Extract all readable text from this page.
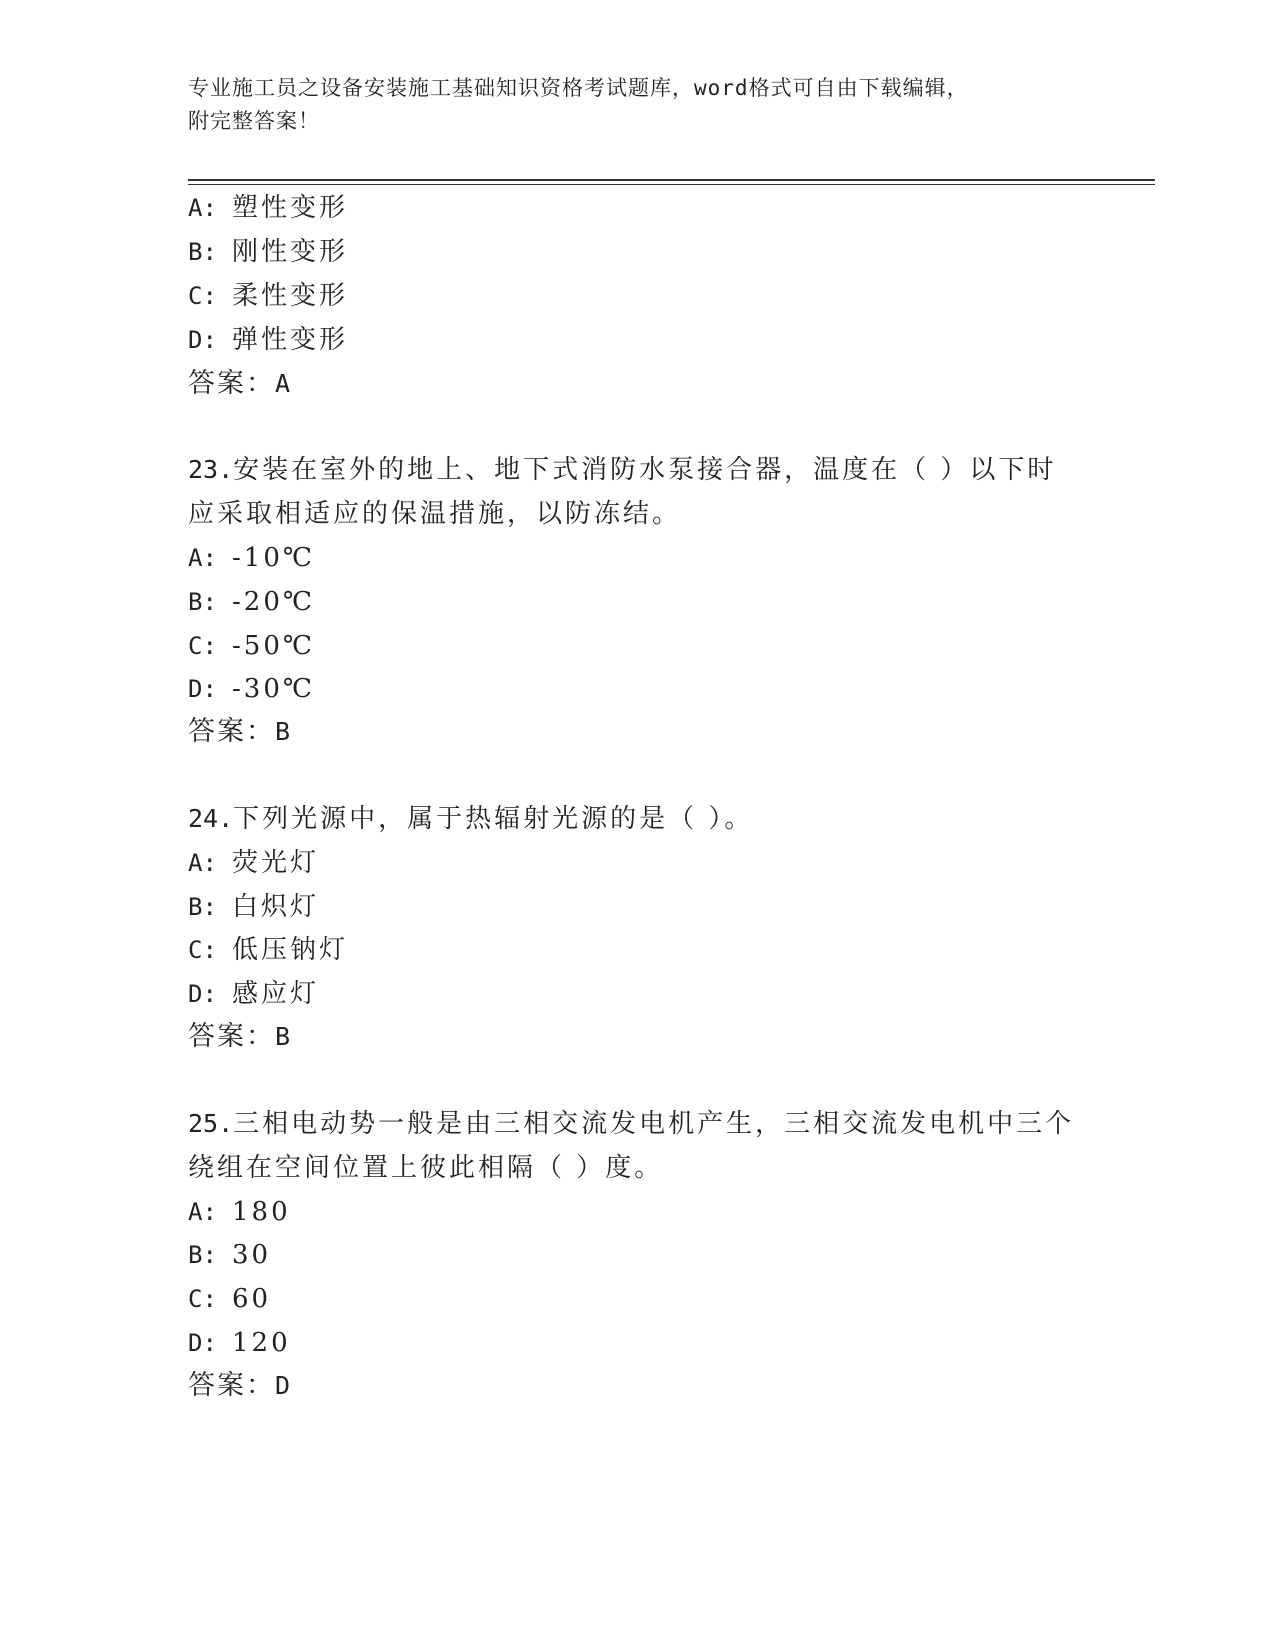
专业施工员之设备安装施工基础知识资格考试题库，word格式可自由下载编辑，
附完整答案！
A: 塑性变形
B: 刚性变形
C: 柔性变形
D: 弹性变形
答案：A
23.安装在室外的地上、地下式消防水泵接合器，温度在（ ）以下时
应采取相适应的保温措施，以防冻结。
A: -10℃
B: -20℃
C: -50℃
D: -30℃
答案：B
24.下列光源中，属于热辐射光源的是（ ）。
A: 荧光灯
B: 白炽灯
C: 低压钠灯
D: 感应灯
答案：B
25.三相电动势一般是由三相交流发电机产生，三相交流发电机中三个
绕组在空间位置上彼此相隔（ ）度。
A: 180
B: 30
C: 60
D: 120
答案：D
